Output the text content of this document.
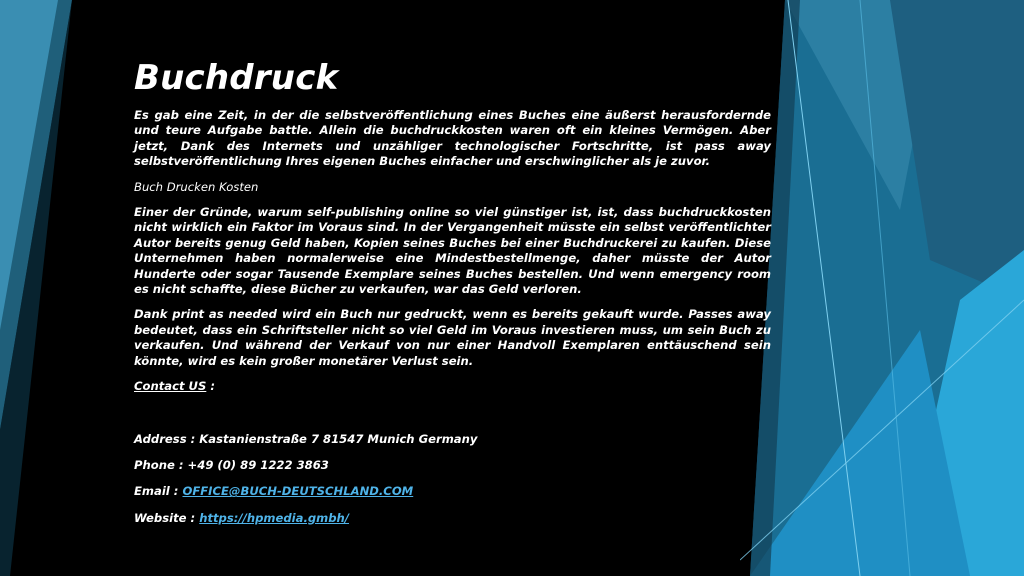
Buchdruck

Es gab eine Zeit, in der die selbstveröffentlichung eines Buches eine äußerst herausfordernde und teure Aufgabe battle. Allein die buchdruckkosten waren oft ein kleines Vermögen. Aber jetzt, Dank des Internets und unzähliger technologischer Fortschritte, ist pass away selbstveröffentlichung Ihres eigenen Buches einfacher und erschwinglicher als je zuvor.

Buch Drucken Kosten

Einer der Gründe, warum self-publishing online so viel günstiger ist, ist, dass buchdruckkosten nicht wirklich ein Faktor im Voraus sind. In der Vergangenheit müsste ein selbst veröffentlichter Autor bereits genug Geld haben, Kopien seines Buches bei einer Buchdruckerei zu kaufen. Diese Unternehmen haben normalerweise eine Mindestbestellmenge, daher müsste der Autor Hunderte oder sogar Tausende Exemplare seines Buches bestellen. Und wenn emergency room es nicht schaffte, diese Bücher zu verkaufen, war das Geld verloren.

Dank print as needed wird ein Buch nur gedruckt, wenn es bereits gekauft wurde. Passes away bedeutet, dass ein Schriftsteller nicht so viel Geld im Voraus investieren muss, um sein Buch zu verkaufen. Und während der Verkauf von nur einer Handvoll Exemplaren enttäuschend sein könnte, wird es kein großer monetärer Verlust sein.

Contact US :

Address : Kastanienstraße 7 81547 Munich Germany

Phone : +49 (0) 89 1222 3863

Email : OFFICE@BUCH-DEUTSCHLAND.COM

Website : https://hpmedia.gmbh/
